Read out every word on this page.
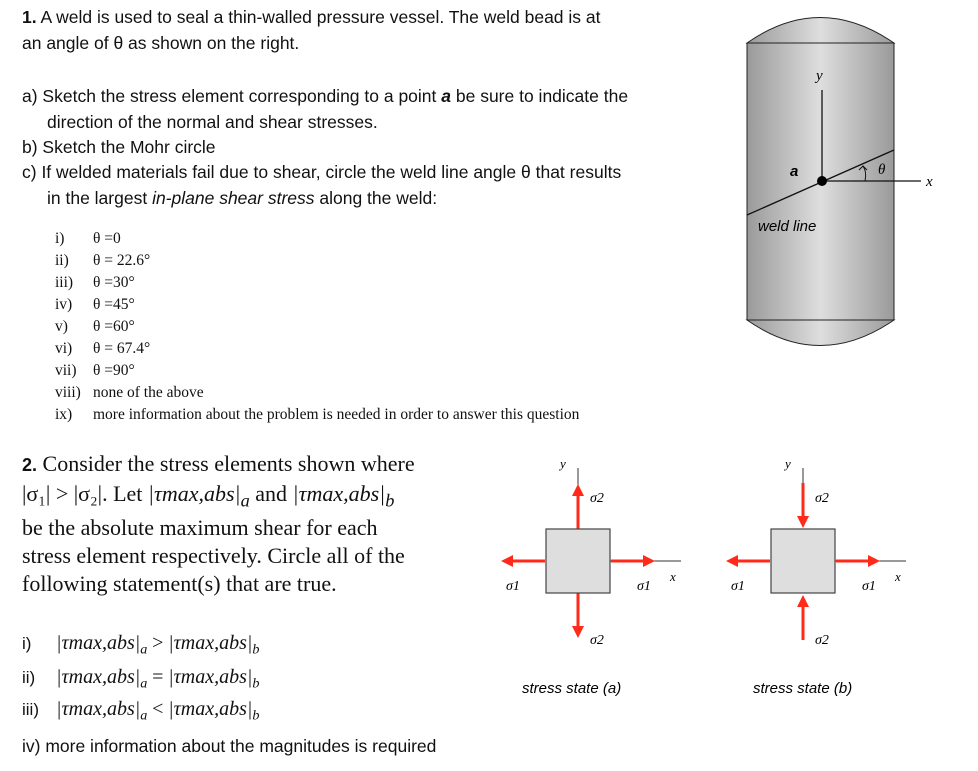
1. A weld is used to seal a thin-walled pressure vessel. The weld bead is at
an angle of θ as shown on the right.
a) Sketch the stress element corresponding to a point a be sure to indicate the
direction of the normal and shear stresses.
b) Sketch the Mohr circle
c) If welded materials fail due to shear, circle the weld line angle θ that results
in the largest in-plane shear stress along the weld:
i) θ =0
ii) θ = 22.6°
iii) θ =30°
iv) θ =45°
v) θ =60°
vi) θ = 67.4°
vii) θ =90°
viii) none of the above
ix) more information about the problem is needed in order to answer this question
y
x
a	θ
weld line
2. Consider the stress elements shown where
|σ₁| > |σ₂|. Let $|\tau\max,abs|_a$ and $|\tau\max,abs|_b$
be the absolute maximum shear for each
stress element respectively. Circle all of the
following statement(s) that are true.
i) $|\tau\max,abs|_a > |\tau\max,abs|_b$
ii) $|\tau\max,abs|_a = |\tau\max,abs|_b$
iii) $|\tau\max,abs|_a < |\tau\max,abs|_b$
iv) more information about the magnitudes is required
y
x
σ2
σ2
σ1	σ1
stress state (a)
y
x
σ2
σ2
σ1	σ1
stress state (b)
